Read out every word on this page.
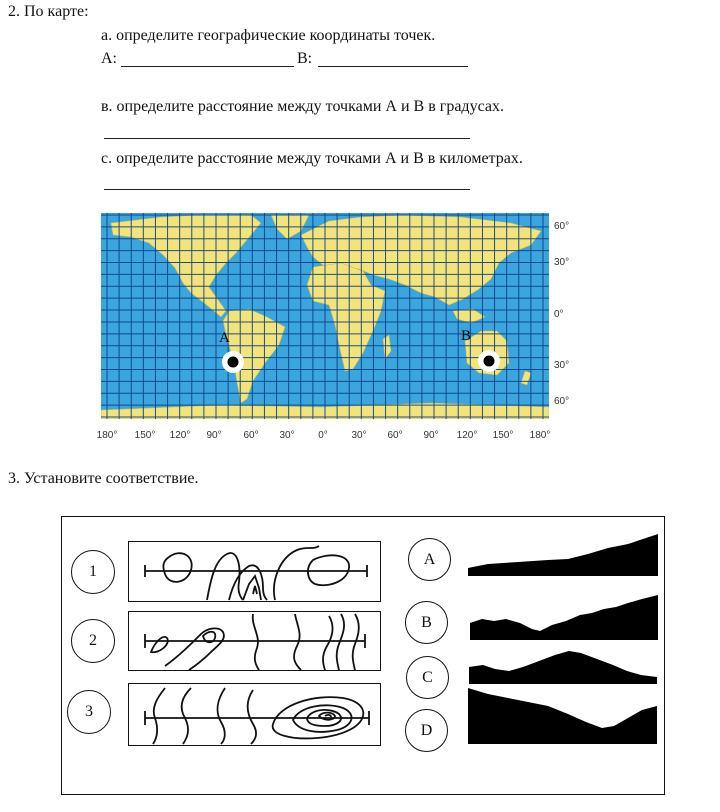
2. По карте:
а. определите географические координаты точек.
А:	В:
в. определите расстояние между точками А и В в градусах.
с. определите расстояние между точками А и В в километрах.
A	B
60°
30°
0°
30°
60°
180° 150° 120° 90° 60° 30° 0° 30° 60° 90° 120° 150° 180°
3. Установите соответствие.
1
2
3
A
B
C
D
